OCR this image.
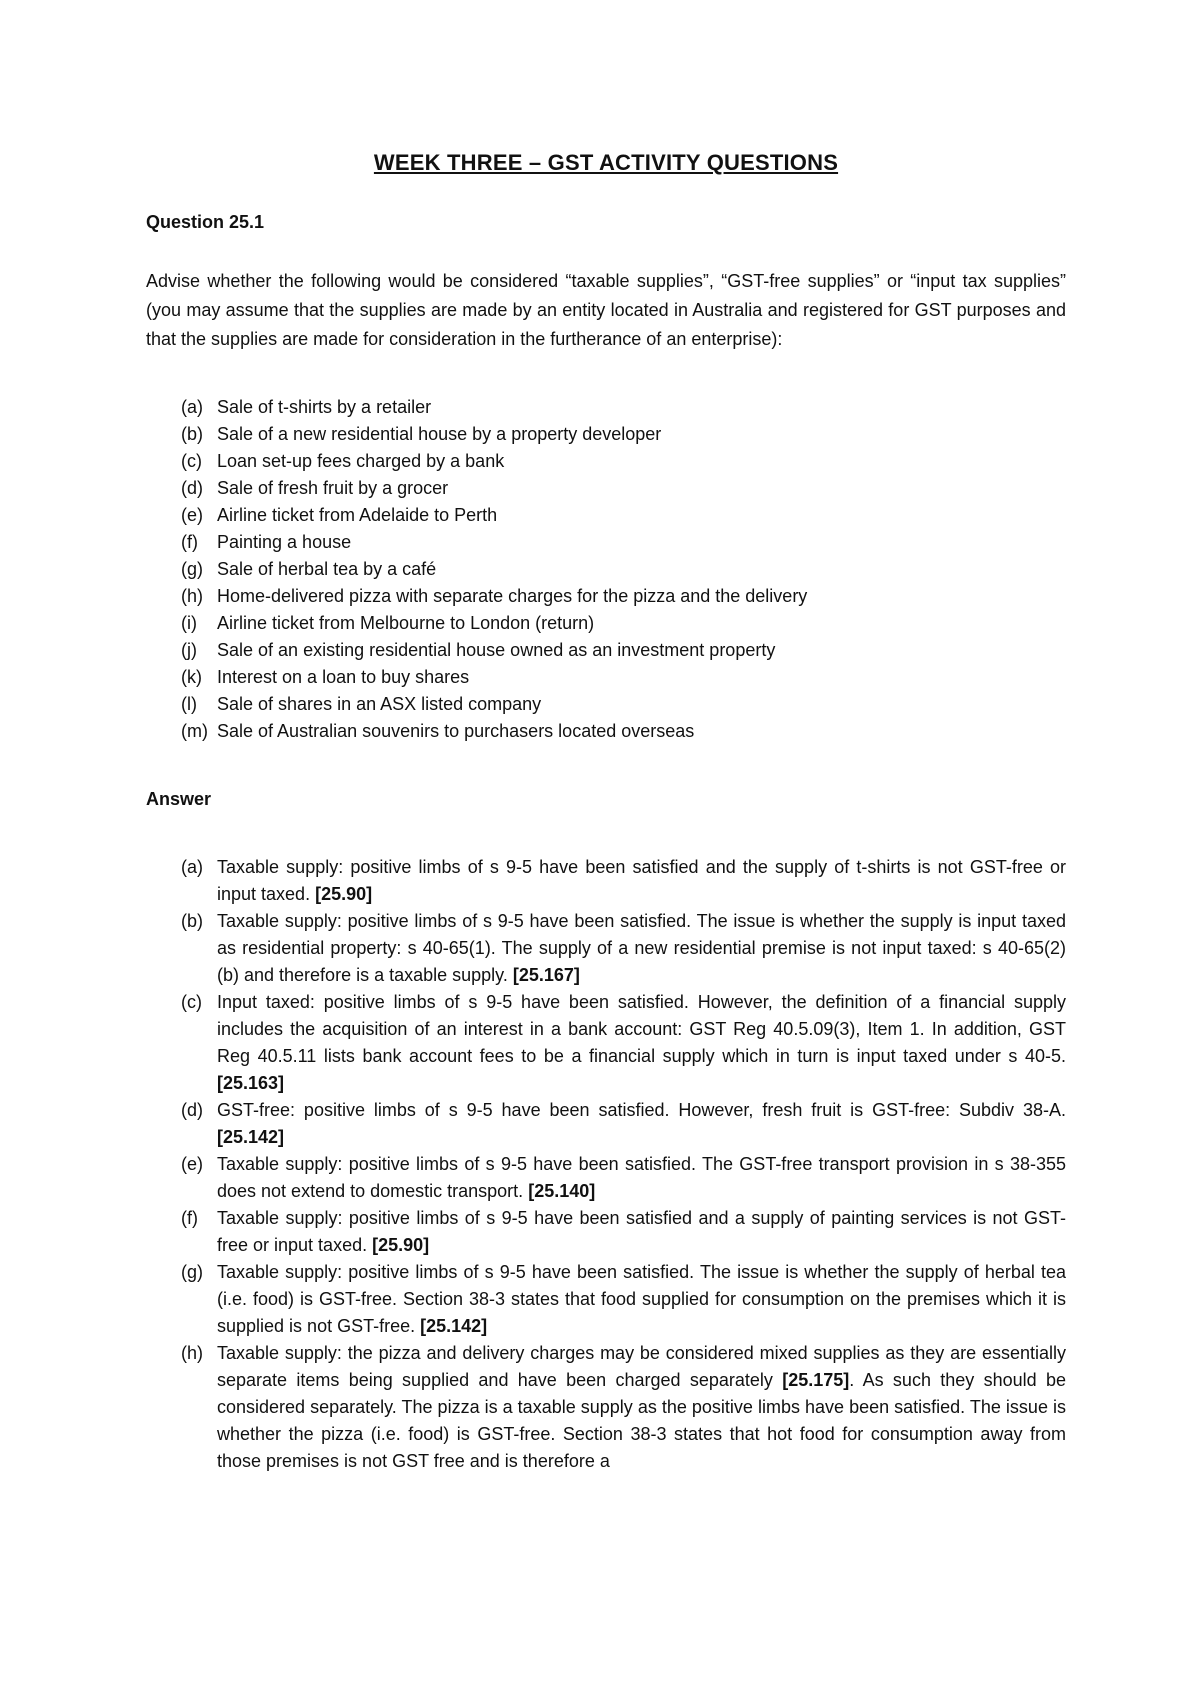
WEEK THREE – GST ACTIVITY QUESTIONS
Question 25.1

Advise whether the following would be considered “taxable supplies”, “GST-free supplies” or “input tax supplies” (you may assume that the supplies are made by an entity located in Australia and registered for GST purposes and that the supplies are made for consideration in the furtherance of an enterprise):

(a) Sale of t-shirts by a retailer
(b) Sale of a new residential house by a property developer
(c) Loan set-up fees charged by a bank
(d) Sale of fresh fruit by a grocer
(e) Airline ticket from Adelaide to Perth
(f)	Painting a house
(g) Sale of herbal tea by a café
(h) Home-delivered pizza with separate charges for the pizza and the delivery
(i)	Airline ticket from Melbourne to London (return)
(j)	Sale of an existing residential house owned as an investment property
(k) Interest on a loan to buy shares
(l)	Sale of shares in an ASX listed company
(m) Sale of Australian souvenirs to purchasers located overseas
Answer
(a) Taxable supply: positive limbs of s 9-5 have been satisfied and the supply of t-shirts is not GST-free or input taxed. [25.90]
(b) Taxable supply: positive limbs of s 9-5 have been satisfied. The issue is whether the supply is input taxed as residential property: s 40-65(1). The supply of a new residential premise is not input taxed: s 40-65(2)(b) and therefore is a taxable supply. [25.167]
(c) Input taxed: positive limbs of s 9-5 have been satisfied. However, the definition of a financial supply includes the acquisition of an interest in a bank account: GST Reg 40.5.09(3), Item 1. In addition, GST Reg 40.5.11 lists bank account fees to be a financial supply which in turn is input taxed under s 40-5. [25.163]
(d) GST-free: positive limbs of s 9-5 have been satisfied. However, fresh fruit is GST-free: Subdiv 38-A. [25.142]
(e) Taxable supply: positive limbs of s 9-5 have been satisfied. The GST-free transport provision in s 38-355 does not extend to domestic transport. [25.140]
(f)	Taxable supply: positive limbs of s 9-5 have been satisfied and a supply of painting services is not GST-free or input taxed. [25.90]
(g) Taxable supply: positive limbs of s 9-5 have been satisfied. The issue is whether the supply of herbal tea (i.e. food) is GST-free. Section 38-3 states that food supplied for consumption on the premises which it is supplied is not GST-free. [25.142]
(h) Taxable supply: the pizza and delivery charges may be considered mixed supplies as they are essentially separate items being supplied and have been charged separately [25.175]. As such they should be considered separately. The pizza is a taxable supply as the positive limbs have been satisfied. The issue is whether the pizza (i.e. food) is GST-free. Section 38-3 states that hot food for consumption away from those premises is not GST free and is therefore a
